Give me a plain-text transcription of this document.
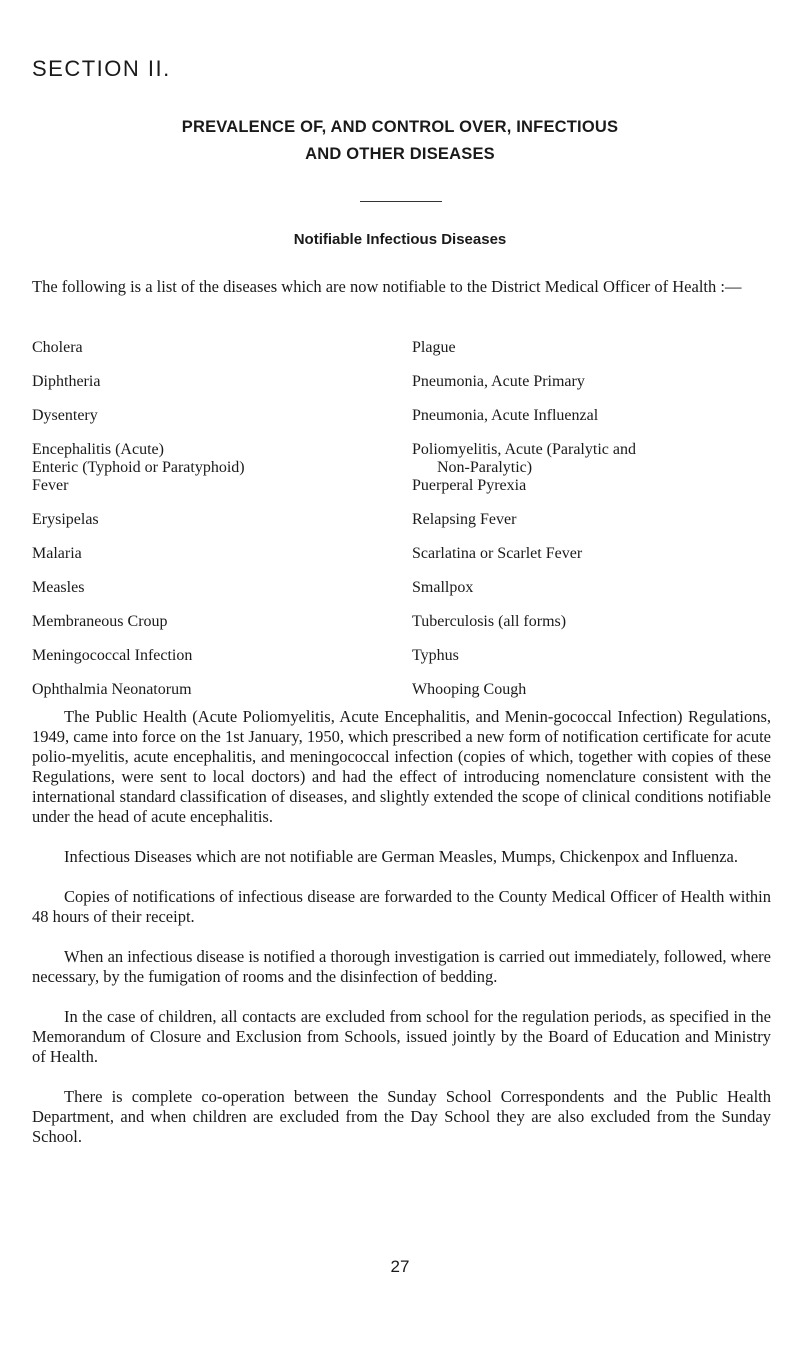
SECTION II.
PREVALENCE OF, AND CONTROL OVER, INFECTIOUS
AND OTHER DISEASES
Notifiable Infectious Diseases
The following is a list of the diseases which are now notifiable to the District Medical Officer of Health :—
Cholera
Diphtheria
Dysentery
Encephalitis (Acute)
Enteric (Typhoid or Paratyphoid)
Fever
Erysipelas
Malaria
Measles
Membraneous Croup
Meningococcal Infection
Ophthalmia Neonatorum
Plague
Pneumonia, Acute Primary
Pneumonia, Acute Influenzal
Poliomyelitis, Acute (Paralytic and
Non-Paralytic)
Puerperal Pyrexia
Relapsing Fever
Scarlatina or Scarlet Fever
Smallpox
Tuberculosis (all forms)
Typhus
Whooping Cough

The Public Health (Acute Poliomyelitis, Acute Encephalitis, and Menin-gococcal Infection) Regulations, 1949, came into force on the 1st January, 1950, which prescribed a new form of notification certificate for acute polio-myelitis, acute encephalitis, and meningococcal infection (copies of which, together with copies of these Regulations, were sent to local doctors) and had the effect of introducing nomenclature consistent with the international standard classification of diseases, and slightly extended the scope of clinical conditions notifiable under the head of acute encephalitis.

Infectious Diseases which are not notifiable are German Measles, Mumps, Chickenpox and Influenza.

Copies of notifications of infectious disease are forwarded to the County Medical Officer of Health within 48 hours of their receipt.

When an infectious disease is notified a thorough investigation is carried out immediately, followed, where necessary, by the fumigation of rooms and the disinfection of bedding.

In the case of children, all contacts are excluded from school for the regulation periods, as specified in the Memorandum of Closure and Exclusion from Schools, issued jointly by the Board of Education and Ministry of Health.

There is complete co-operation between the Sunday School Correspondents and the Public Health Department, and when children are excluded from the Day School they are also excluded from the Sunday School.

27
